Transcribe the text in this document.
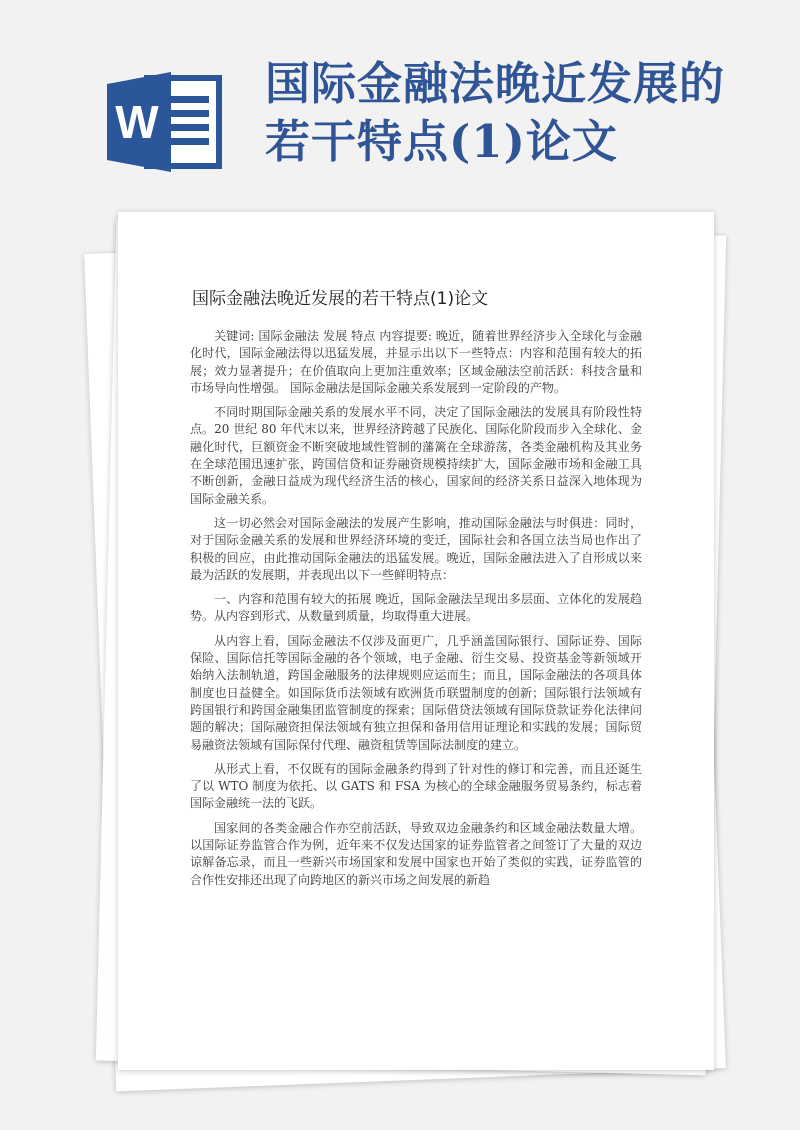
W
国际金融法晚近发展的
若干特点(1)论文
国际金融法晚近发展的若干特点(1)论文

关键词: 国际金融法 发展 特点 内容提要: 晚近，随着世界经济步入全球化与金融化时代，国际金融法得以迅猛发展，并显示出以下一些特点：内容和范围有较大的拓展；效力显著提升；在价值取向上更加注重效率；区域金融法空前活跃：科技含量和市场导向性增强。 国际金融法是国际金融关系发展到一定阶段的产物。

不同时期国际金融关系的发展水平不同，决定了国际金融法的发展具有阶段性特点。20 世纪 80 年代末以来，世界经济跨越了民族化、国际化阶段而步入全球化、金融化时代，巨额资金不断突破地域性管制的藩篱在全球游荡，各类金融机构及其业务在全球范围迅速扩张，跨国信贷和证券融资规模持续扩大，国际金融市场和金融工具不断创新，金融日益成为现代经济生活的核心，国家间的经济关系日益深入地体现为国际金融关系。

这一切必然会对国际金融法的发展产生影响，推动国际金融法与时俱进：同时，对于国际金融关系的发展和世界经济环境的变迁，国际社会和各国立法当局也作出了积极的回应，由此推动国际金融法的迅猛发展。晚近，国际金融法进入了自形成以来最为活跃的发展期，并表现出以下一些鲜明特点：

一、内容和范围有较大的拓展 晚近，国际金融法呈现出多层面、立体化的发展趋势。从内容到形式、从数量到质量，均取得重大进展。

从内容上看，国际金融法不仅涉及面更广，几乎涵盖国际银行、国际证券、国际保险、国际信托等国际金融的各个领域，电子金融、衍生交易、投资基金等新领域开始纳入法制轨道，跨国金融服务的法律规则应运而生；而且，国际金融法的各项具体制度也日益健全。如国际货币法领域有欧洲货币联盟制度的创新；国际银行法领域有跨国银行和跨国金融集团监管制度的探索；国际借贷法领域有国际贷款证券化法律问题的解决；国际融资担保法领域有独立担保和备用信用证理论和实践的发展；国际贸易融资法领域有国际保付代理、融资租赁等国际法制度的建立。

从形式上看，不仅既有的国际金融条约得到了针对性的修订和完善，而且还诞生了以 WTO 制度为依托、以 GATS 和 FSA 为核心的全球金融服务贸易条约，标志着国际金融统一法的飞跃。

国家间的各类金融合作亦空前活跃，导致双边金融条约和区域金融法数量大增。以国际证券监管合作为例，近年来不仅发达国家的证券监管者之间签订了大量的双边谅解备忘录，而且一些新兴市场国家和发展中国家也开始了类似的实践，证券监管的合作性安排还出现了向跨地区的新兴市场之间发展的新趋
